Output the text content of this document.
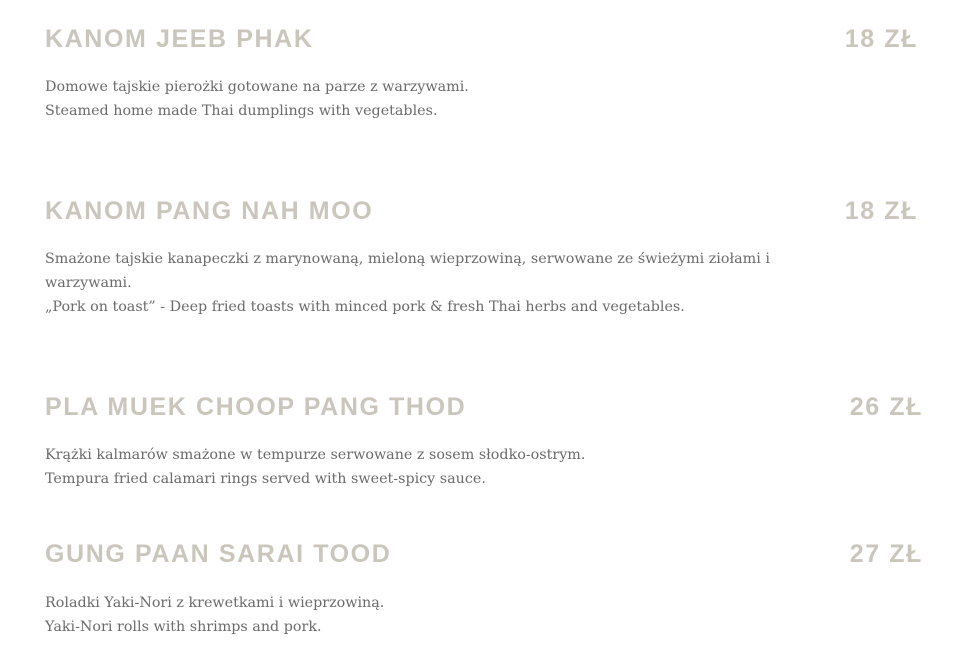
KANOM JEEB PHAK	18 ZŁ
Domowe tajskie pierożki gotowane na parze z warzywami.
Steamed home made Thai dumplings with vegetables.
KANOM PANG NAH MOO	18 ZŁ
Smażone tajskie kanapeczki z marynowaną, mieloną wieprzowiną, serwowane ze świeżymi ziołami i
warzywami.
„Pork on toast” - Deep fried toasts with minced pork & fresh Thai herbs and vegetables.
PLA MUEK CHOOP PANG THOD	26 ZŁ
Krążki kalmarów smażone w tempurze serwowane z sosem słodko-ostrym.
Tempura fried calamari rings served with sweet-spicy sauce.
GUNG PAAN SARAI TOOD	27 ZŁ
Roladki Yaki-Nori z krewetkami i wieprzowiną.
Yaki-Nori rolls with shrimps and pork.
